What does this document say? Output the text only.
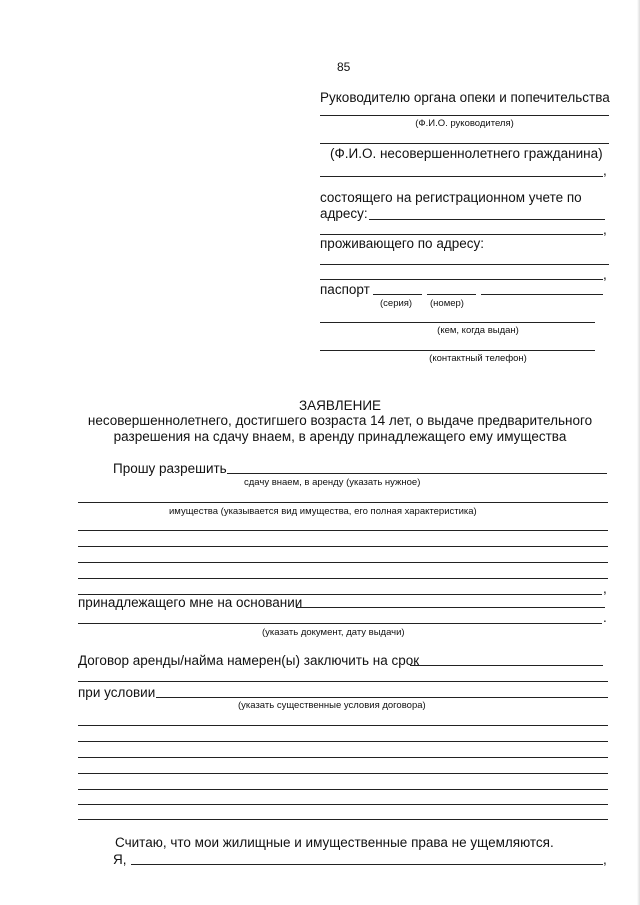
85
Руководителю органа опеки и попечительства
(Ф.И.О. руководителя)
(Ф.И.О. несовершеннолетнего гражданина)
,
состоящего на регистрационном учете по
адресу:
,
проживающего по адресу:
,
паспорт
(серия) (номер)
(кем, когда выдан)
(контактный телефон)
ЗАЯВЛЕНИЕ
несовершеннолетнего, достигшего возраста 14 лет, о выдаче предварительного
разрешения на сдачу внаем, в аренду принадлежащего ему имущества
Прошу разрешить
сдачу внаем, в аренду (указать нужное)
имущества (указывается вид имущества, его полная характеристика)
,
принадлежащего мне на основании
.
(указать документ, дату выдачи)
Договор аренды/найма намерен(ы) заключить на срок
при условии
(указать существенные условия договора)
Считаю, что мои жилищные и имущественные права не ущемляются.
Я,	,
